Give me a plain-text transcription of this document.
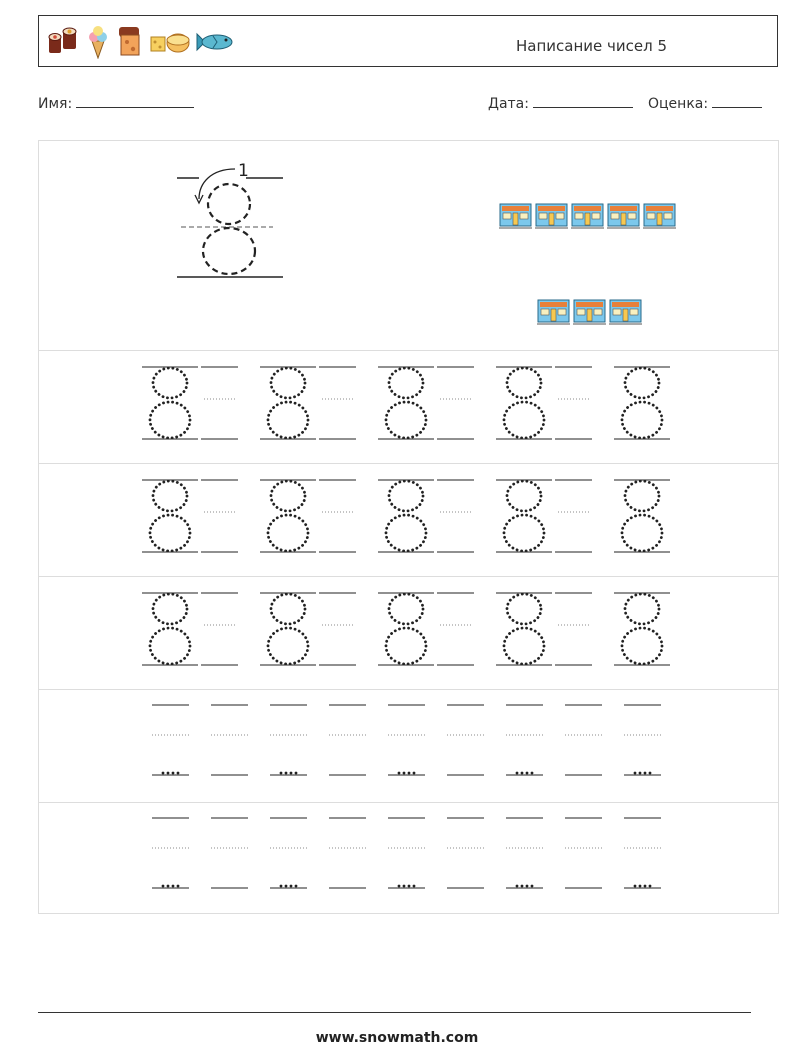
Написание чисел 5
Имя:	Дата:	Оценка:
1
www.snowmath.com
